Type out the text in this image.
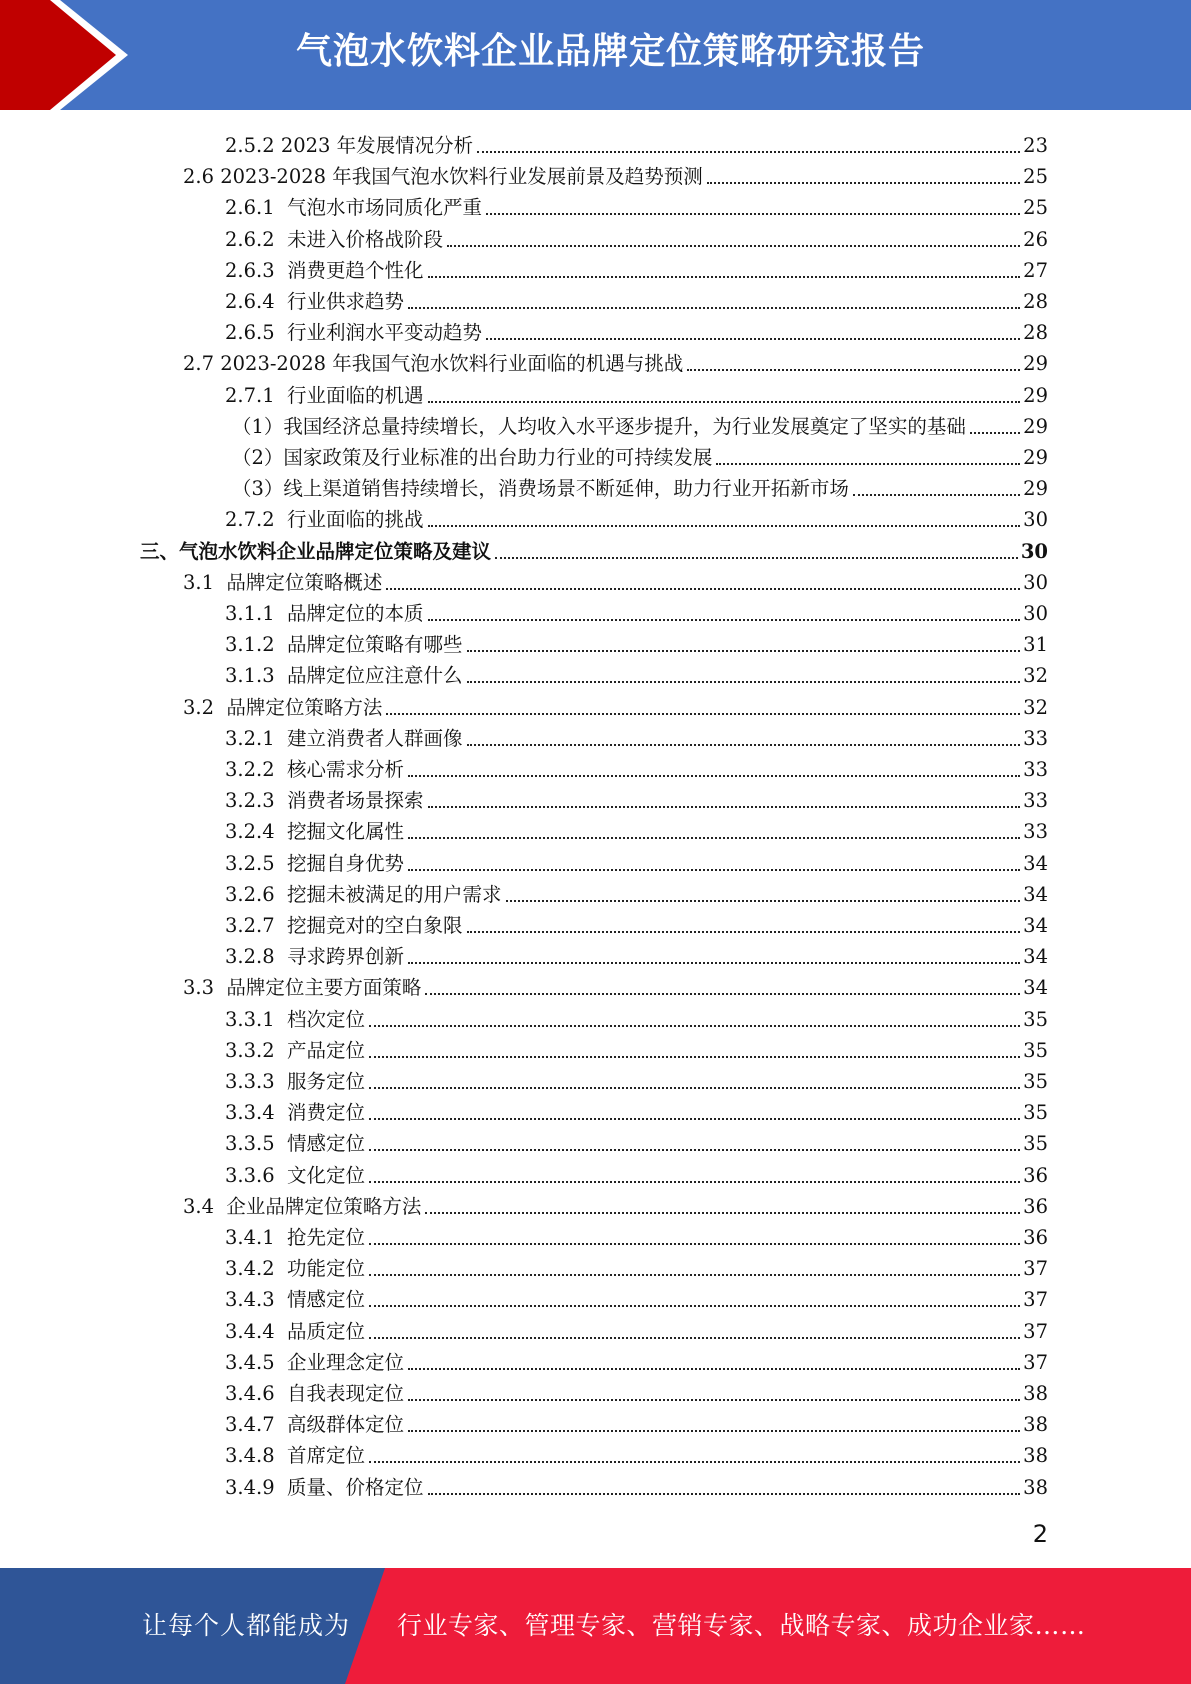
气泡水饮料企业品牌定位策略研究报告
2.5.2 2023 年发展情况分析	23
2.6 2023-2028 年我国气泡水饮料行业发展前景及趋势预测	25
2.6.1 气泡水市场同质化严重	25
2.6.2 未进入价格战阶段	26
2.6.3 消费更趋个性化	27
2.6.4 行业供求趋势	28
2.6.5 行业利润水平变动趋势	28
2.7 2023-2028 年我国气泡水饮料行业面临的机遇与挑战	29
2.7.1 行业面临的机遇	29
（1） 我国经济总量持续增长，人均收入水平逐步提升，为行业发展奠定了坚实的基础	29
（2） 国家政策及行业标准的出台助力行业的可持续发展	29
（3） 线上渠道销售持续增长，消费场景不断延伸，助力行业开拓新市场	29
2.7.2 行业面临的挑战	30
三、 气泡水饮料企业品牌定位策略及建议	30
3.1 品牌定位策略概述	30
3.1.1 品牌定位的本质	30
3.1.2 品牌定位策略有哪些	31
3.1.3 品牌定位应注意什么	32
3.2 品牌定位策略方法	32
3.2.1 建立消费者人群画像	33
3.2.2 核心需求分析	33
3.2.3 消费者场景探索	33
3.2.4 挖掘文化属性	33
3.2.5 挖掘自身优势	34
3.2.6 挖掘未被满足的用户需求	34
3.2.7 挖掘竞对的空白象限	34
3.2.8 寻求跨界创新	34
3.3 品牌定位主要方面策略	34
3.3.1 档次定位	35
3.3.2 产品定位	35
3.3.3 服务定位	35
3.3.4 消费定位	35
3.3.5 情感定位	35
3.3.6 文化定位	36
3.4 企业品牌定位策略方法	36
3.4.1 抢先定位	36
3.4.2 功能定位	37
3.4.3 情感定位	37
3.4.4 品质定位	37
3.4.5 企业理念定位	37
3.4.6 自我表现定位	38
3.4.7 高级群体定位	38
3.4.8 首席定位	38
3.4.9 质量、价格定位	38
2
让每个人都能成为 行业专家、管理专家、营销专家、战略专家、成功企业家……
